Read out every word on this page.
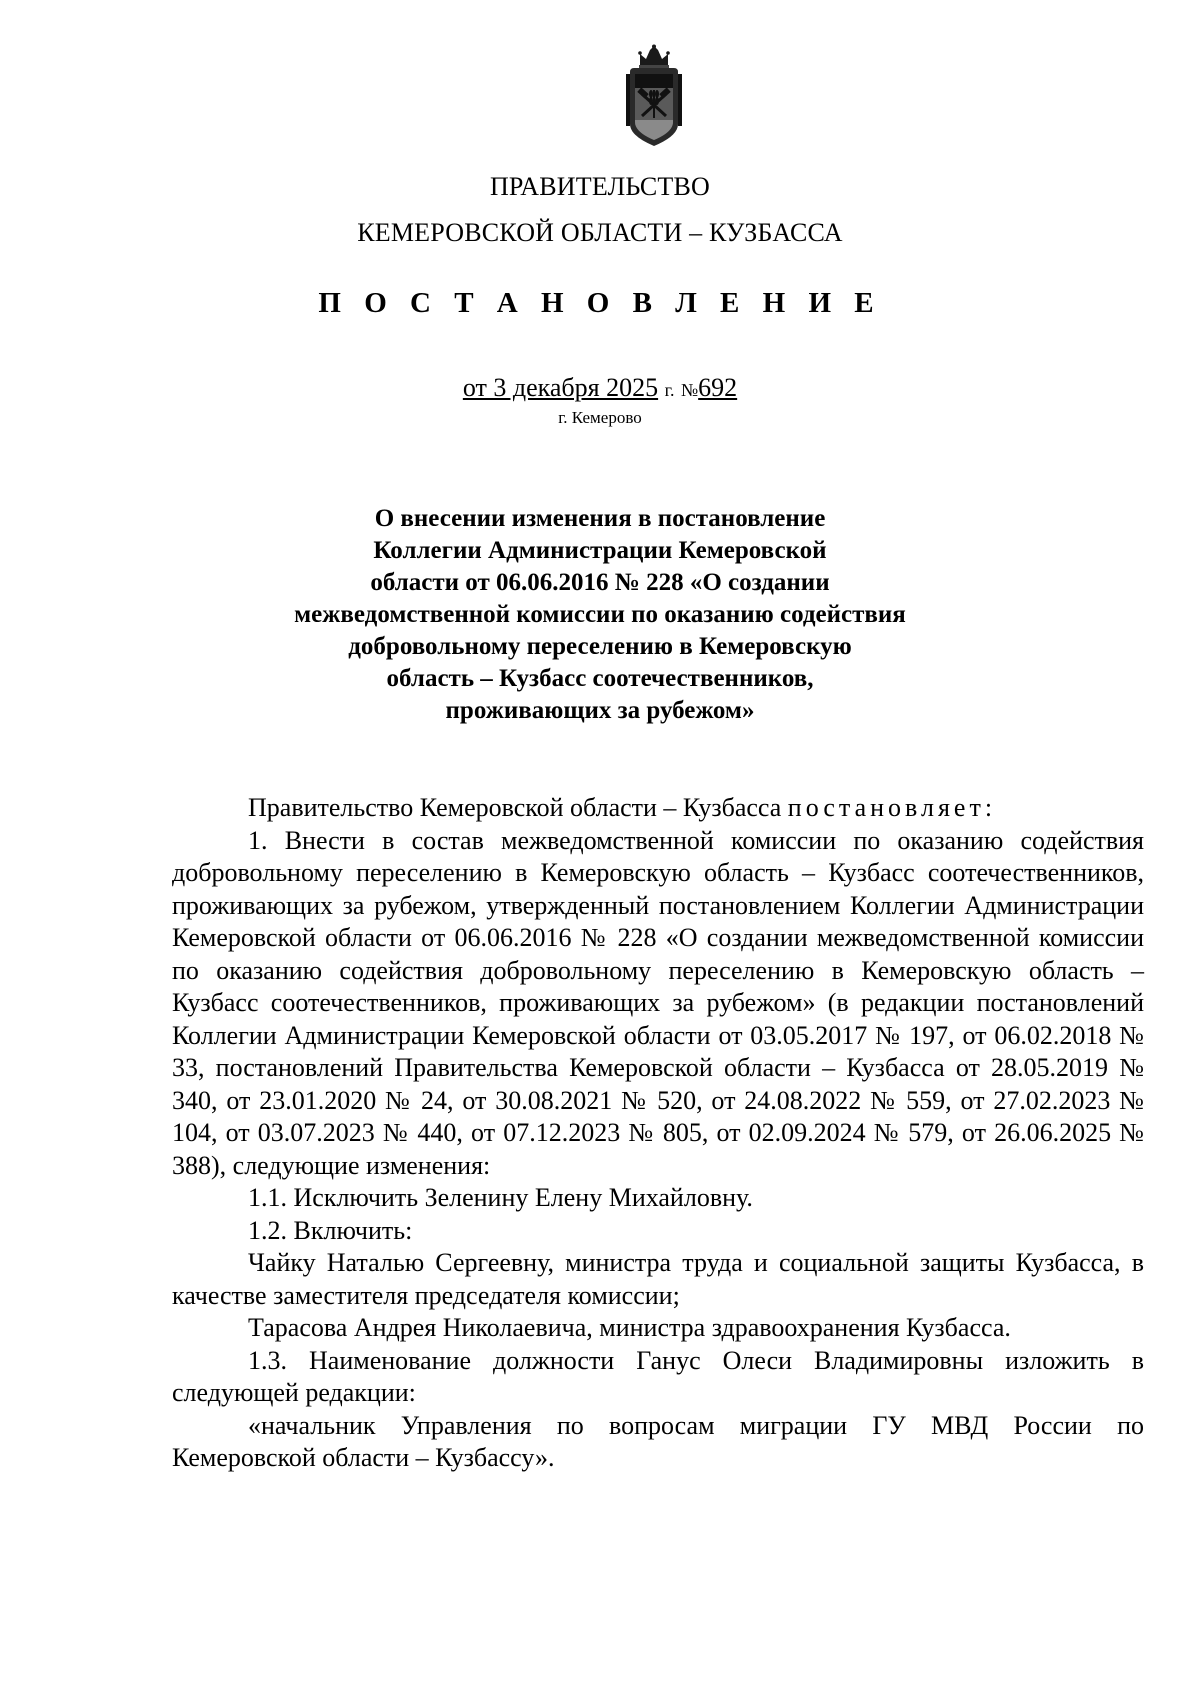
ПРАВИТЕЛЬСТВО
КЕМЕРОВСКОЙ ОБЛАСТИ – КУЗБАССА
П О С Т А Н О В Л Е Н И Е
от 3 декабря 2025 г. №692
г. Кемерово
О внесении изменения в постановление
Коллегии Администрации Кемеровской
области от 06.06.2016 № 228 «О создании
межведомственной комиссии по оказанию содействия
добровольному переселению в Кемеровскую
область – Кузбасс соотечественников,
проживающих за рубежом»

Правительство Кемеровской области – Кузбасса постановляет:

1. Внести в состав межведомственной комиссии по оказанию содействия добровольному переселению в Кемеровскую область – Кузбасс соотечественников, проживающих за рубежом, утвержденный постановлением Коллегии Администрации Кемеровской области от 06.06.2016 № 228 «О создании межведомственной комиссии по оказанию содействия добровольному переселению в Кемеровскую область – Кузбасс соотечественников, проживающих за рубежом» (в редакции постановлений Коллегии Администрации Кемеровской области от 03.05.2017 № 197, от 06.02.2018 № 33, постановлений Правительства Кемеровской области – Кузбасса от 28.05.2019 № 340, от 23.01.2020 № 24, от 30.08.2021 № 520, от 24.08.2022 № 559, от 27.02.2023 № 104, от 03.07.2023 № 440, от 07.12.2023 № 805, от 02.09.2024 № 579, от 26.06.2025 № 388), следующие изменения:

1.1. Исключить Зеленину Елену Михайловну.

1.2. Включить:

Чайку Наталью Сергеевну, министра труда и социальной защиты Кузбасса, в качестве заместителя председателя комиссии;

Тарасова Андрея Николаевича, министра здравоохранения Кузбасса.

1.3. Наименование должности Ганус Олеси Владимировны изложить в следующей редакции:

«начальник Управления по вопросам миграции ГУ МВД России по Кемеровской области – Кузбассу».
